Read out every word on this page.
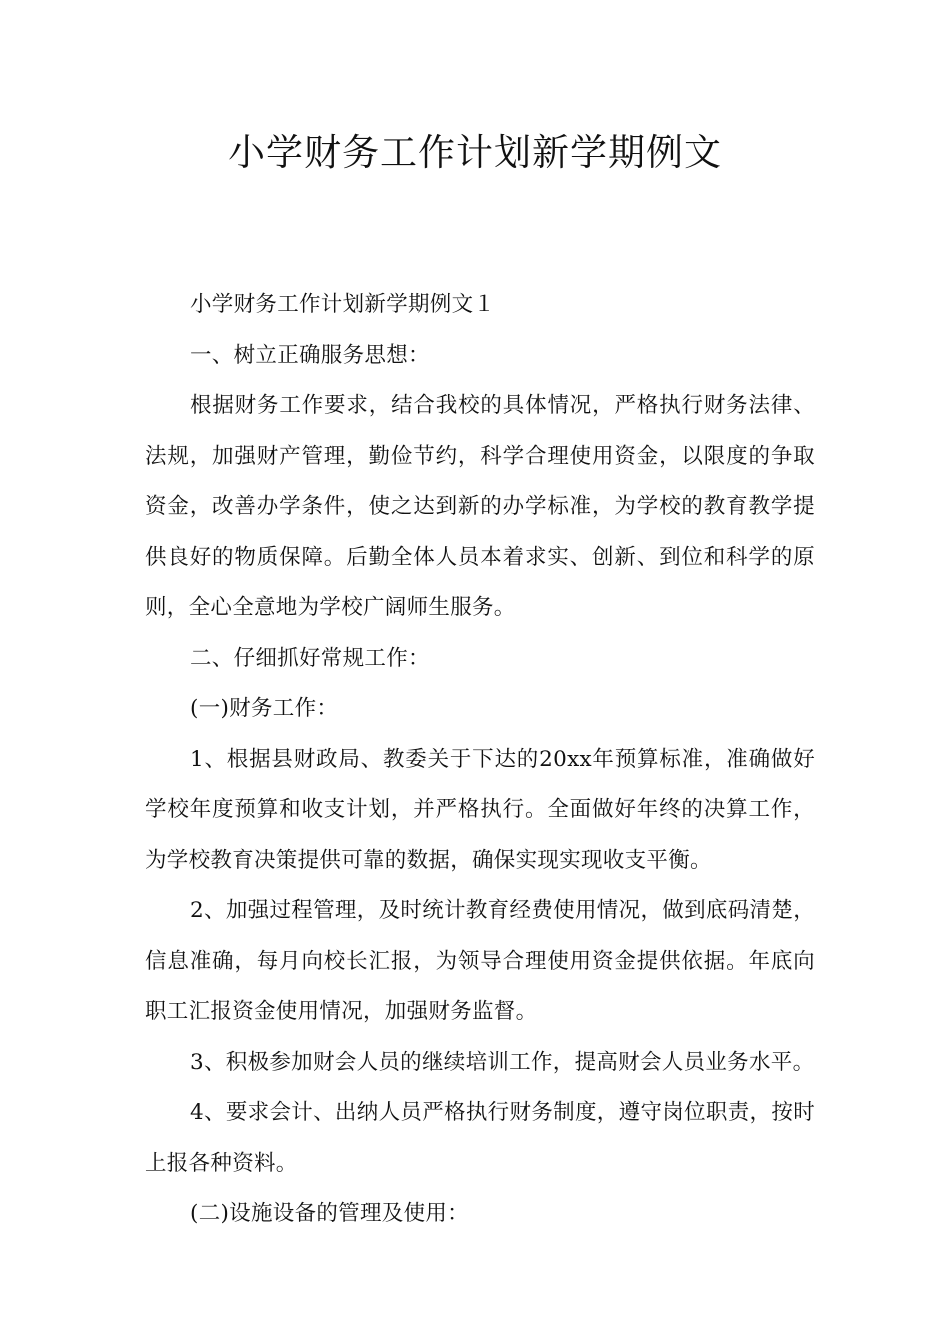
小学财务工作计划新学期例文

小学财务工作计划新学期例文１

一、树立正确服务思想：

根据财务工作要求，结合我校的具体情况，严格执行财务法律、法规，加强财产管理，勤俭节约，科学合理使用资金，以限度的争取资金，改善办学条件，使之达到新的办学标准，为学校的教育教学提供良好的物质保障。后勤全体人员本着求实、创新、到位和科学的原则，全心全意地为学校广阔师生服务。

二、仔细抓好常规工作：

(一)财务工作：

1、根据县财政局、教委关于下达的20xx年预算标准，准确做好学校年度预算和收支计划，并严格执行。全面做好年终的决算工作，为学校教育决策提供可靠的数据，确保实现实现收支平衡。

2、加强过程管理，及时统计教育经费使用情况，做到底码清楚，信息准确，每月向校长汇报，为领导合理使用资金提供依据。年底向职工汇报资金使用情况，加强财务监督。

3、积极参加财会人员的继续培训工作，提高财会人员业务水平。

4、要求会计、出纳人员严格执行财务制度，遵守岗位职责，按时上报各种资料。

(二)设施设备的管理及使用：
